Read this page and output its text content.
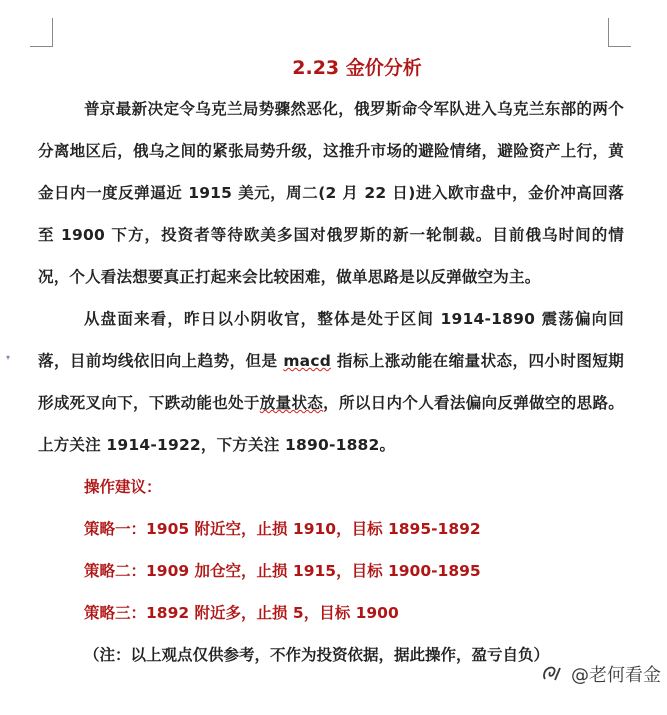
▾
2.23 金价分析

普京最新决定令乌克兰局势骤然恶化，俄罗斯命令军队进入乌克兰东部的两个分离地区后，俄乌之间的紧张局势升级，这推升市场的避险情绪，避险资产上行，黄金日内一度反弹逼近 1915 美元，周二(2 月 22 日)进入欧市盘中，金价冲高回落至 1900 下方，投资者等待欧美多国对俄罗斯的新一轮制裁。目前俄乌时间的情况，个人看法想要真正打起来会比较困难，做单思路是以反弹做空为主。

从盘面来看，昨日以小阴收官，整体是处于区间 1914-1890 震荡偏向回落，目前均线依旧向上趋势，但是 macd 指标上涨动能在缩量状态，四小时图短期形成死叉向下，下跌动能也处于放量状态，所以日内个人看法偏向反弹做空的思路。上方关注 1914-1922，下方关注 1890-1882。

操作建议：

策略一：1905 附近空，止损 1910，目标 1895-1892

策略二：1909 加仓空，止损 1915，目标 1900-1895

策略三：1892 附近多，止损 5，目标 1900

（注：以上观点仅供参考，不作为投资依据，据此操作，盈亏自负）

@老何看金
